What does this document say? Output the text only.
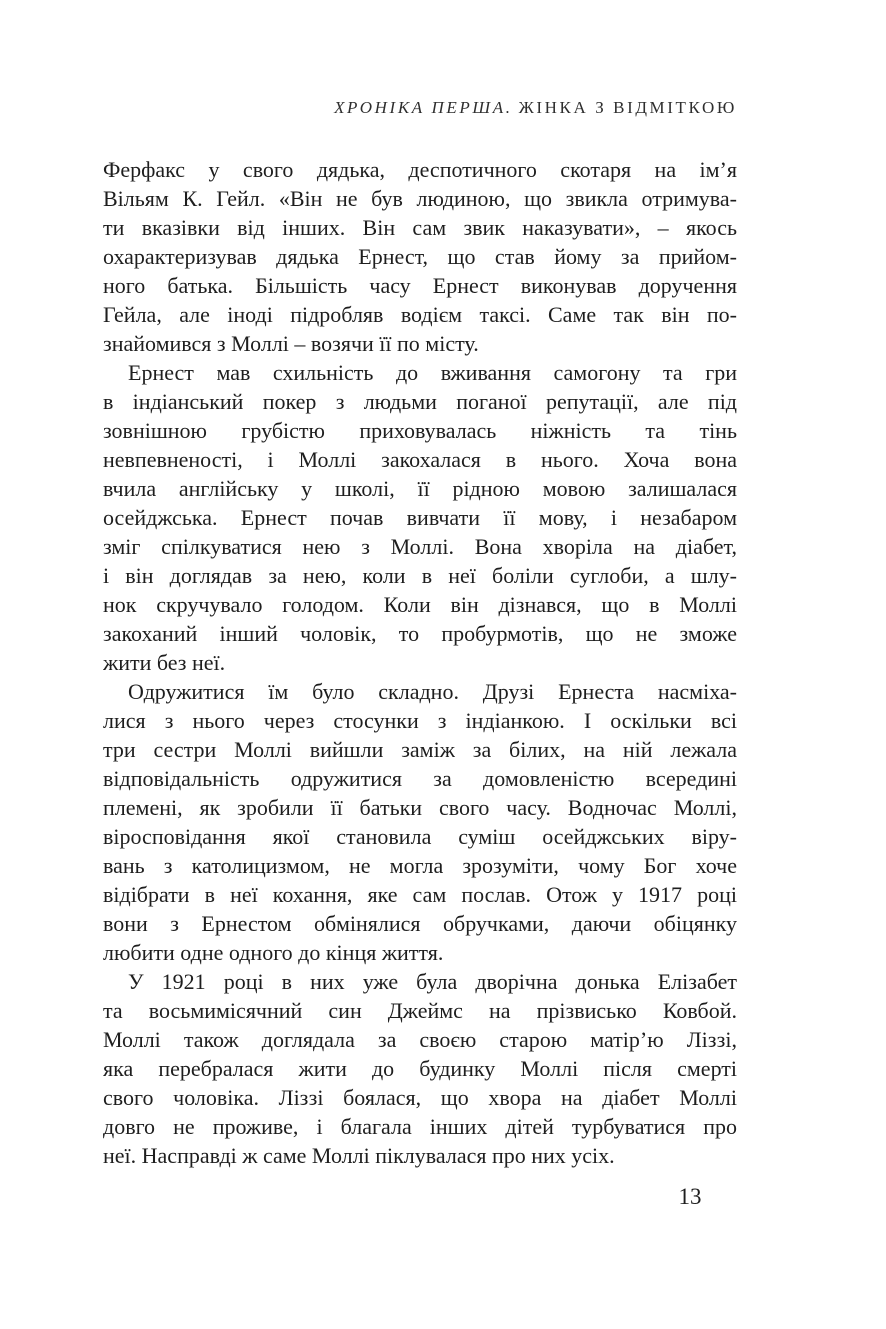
ХРОНІКА ПЕРША. ЖІНКА З ВІДМІТКОЮ

Ферфакс у свого дядька, деспотичного скотаря на ім’я
Вільям К. Гейл. «Він не був людиною, що звикла отримува-
ти вказівки від інших. Він сам звик наказувати», – якось
охарактеризував дядька Ернест, що став йому за прийом-
ного батька. Більшість часу Ернест виконував доручення
Гейла, але іноді підробляв водієм таксі. Саме так він по-
знайомився з Моллі – возячи її по місту.

Ернест мав схильність до вживання самогону та гри
в індіанський покер з людьми поганої репутації, але під
зовнішною грубістю приховувалась ніжність та тінь
невпевненості, і Моллі закохалася в нього. Хоча вона
вчила англійську у школі, її рідною мовою залишалася
осейджська. Ернест почав вивчати її мову, і незабаром
зміг спілкуватися нею з Моллі. Вона хворіла на діабет,
і він доглядав за нею, коли в неї боліли суглоби, а шлу-
нок скручувало голодом. Коли він дізнався, що в Моллі
закоханий інший чоловік, то пробурмотів, що не зможе
жити без неї.

Одружитися їм було складно. Друзі Ернеста насміха-
лися з нього через стосунки з індіанкою. І оскільки всі
три сестри Моллі вийшли заміж за білих, на ній лежала
відповідальність одружитися за домовленістю всередині
племені, як зробили її батьки свого часу. Водночас Моллі,
віросповідання якої становила суміш осейджських віру-
вань з католицизмом, не могла зрозуміти, чому Бог хоче
відібрати в неї кохання, яке сам послав. Отож у 1917 році
вони з Ернестом обмінялися обручками, даючи обіцянку
любити одне одного до кінця життя.

У 1921 році в них уже була дворічна донька Елізабет
та восьмимісячний син Джеймс на прізвисько Ковбой.
Моллі також доглядала за своєю старою матір’ю Ліззі,
яка перебралася жити до будинку Моллі після смерті
свого чоловіка. Ліззі боялася, що хвора на діабет Моллі
довго не проживе, і благала інших дітей турбуватися про
неї. Насправді ж саме Моллі піклувалася про них усіх.

13
